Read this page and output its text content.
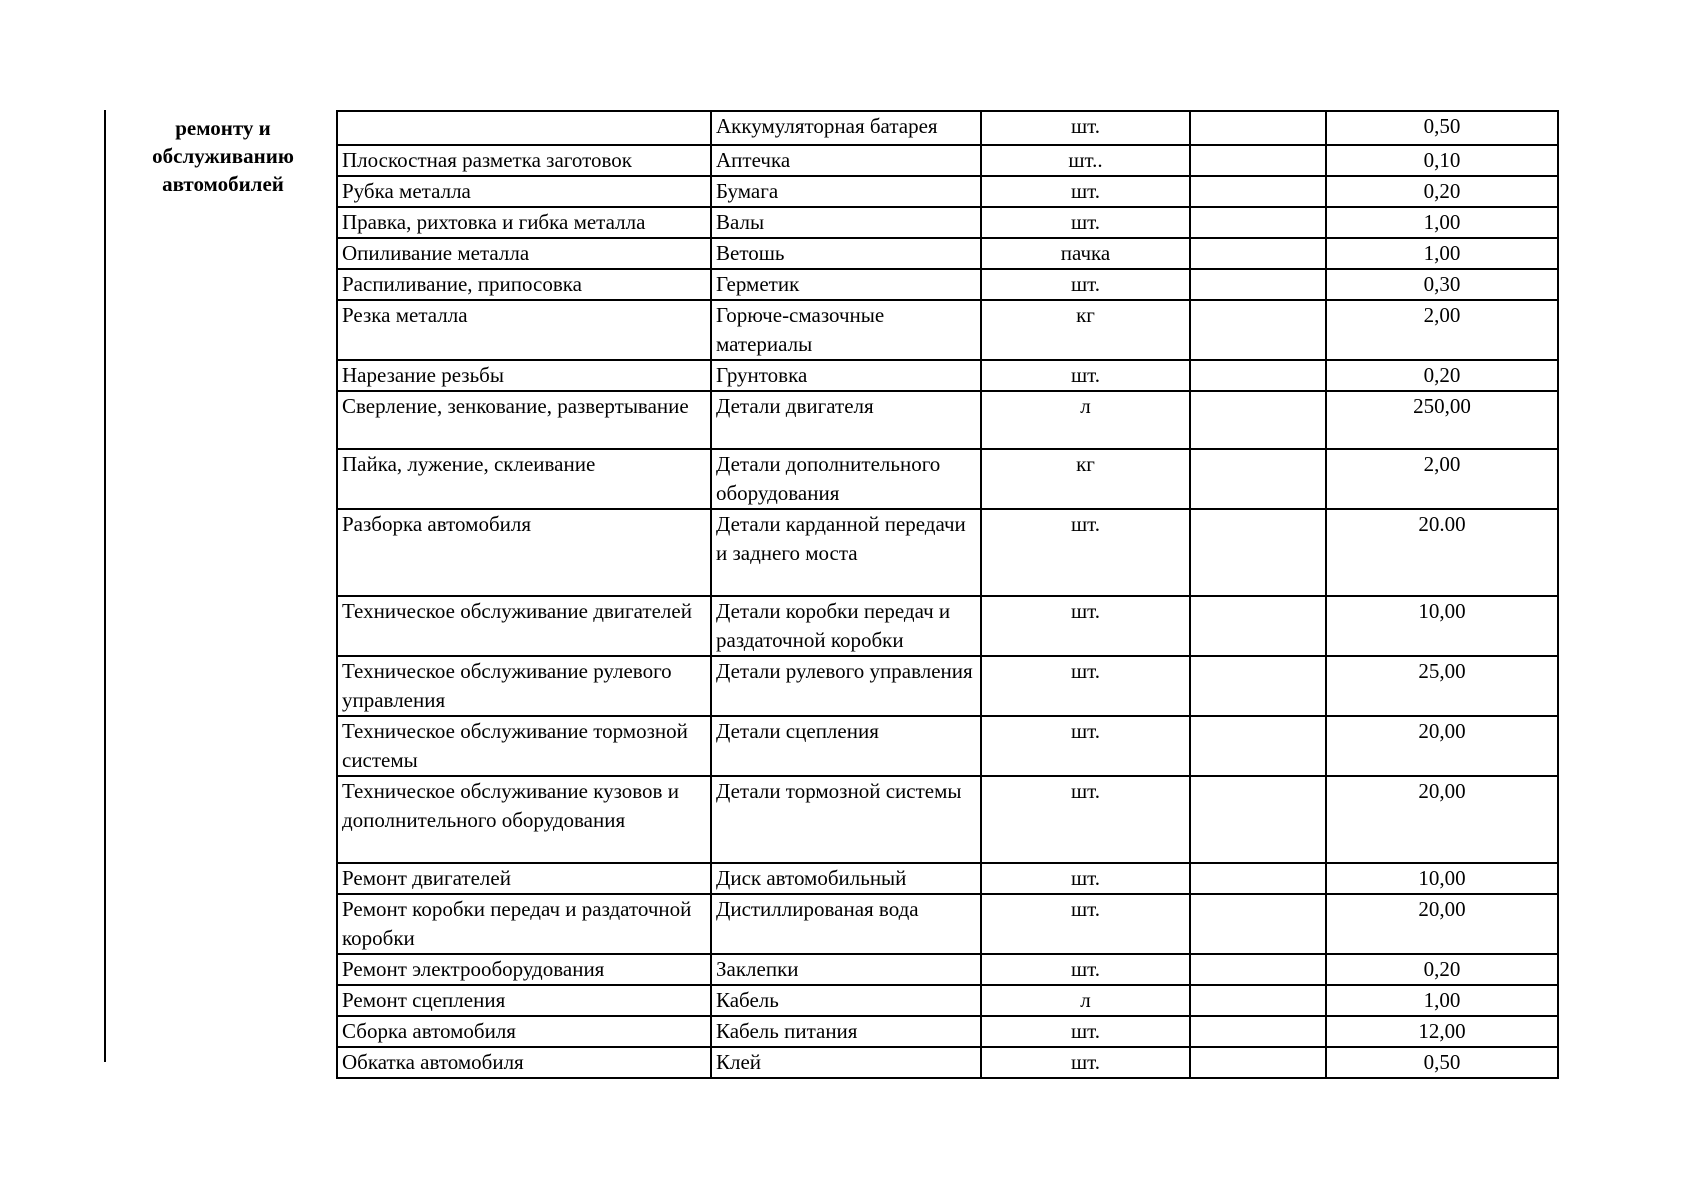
ремонту и
обслуживанию
автомобилей
	Аккумуляторная батарея	шт.		0,50
Плоскостная разметка заготовок	Аптечка	шт..		0,10
Рубка металла	Бумага	шт.		0,20
Правка, рихтовка и гибка металла	Валы	шт.		1,00
Опиливание металла	Ветошь	пачка		1,00
Распиливание, припосовка	Герметик	шт.		0,30
Резка металла	Горюче-смазочные материалы	кг		2,00
Нарезание резьбы	Грунтовка	шт.		0,20
Сверление, зенкование, развертывание	Детали двигателя	л		250,00
Пайка, лужение, склеивание	Детали дополнительного оборудования	кг		2,00
Разборка автомобиля	Детали карданной передачи и заднего моста	шт.		20.00
Техническое обслуживание двигателей	Детали коробки передач и раздаточной коробки	шт.		10,00
Техническое обслуживание рулевого управления	Детали рулевого управления	шт.		25,00
Техническое обслуживание тормозной системы	Детали сцепления	шт.		20,00
Техническое обслуживание кузовов и дополнительного оборудования	Детали тормозной системы	шт.		20,00
Ремонт двигателей	Диск автомобильный	шт.		10,00
Ремонт коробки передач и раздаточной коробки	Дистиллированая вода	шт.		20,00
Ремонт электрооборудования	Заклепки	шт.		0,20
Ремонт сцепления	Кабель	л		1,00
Сборка автомобиля	Кабель питания	шт.		12,00
Обкатка автомобиля	Клей	шт.		0,50
